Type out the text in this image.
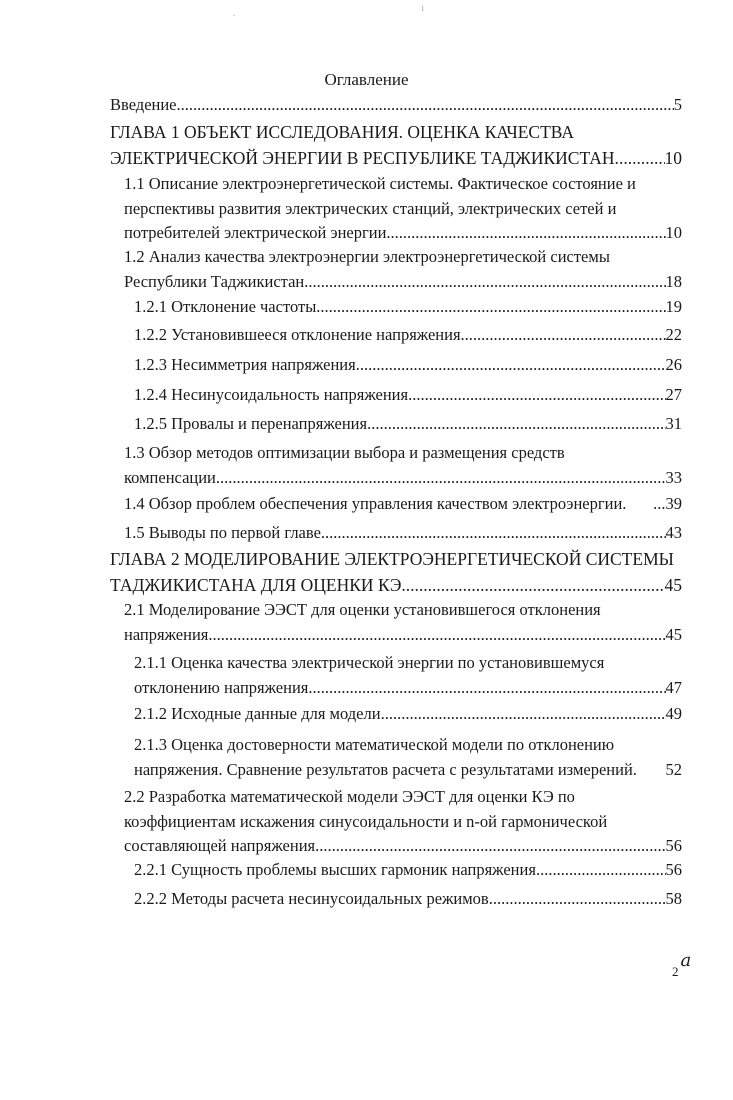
·
ı
Оглавление
Введение .....	5
ГЛАВА 1 ОБЪЕКТ ИССЛЕДОВАНИЯ. ОЦЕНКА КАЧЕСТВА
ЭЛЕКТРИЧЕСКОЙ ЭНЕРГИИ В РЕСПУБЛИКЕ ТАДЖИКИСТАН. .....	10
1.1 Описание электроэнергетической системы. Фактическое состояние и
перспективы развития электрических станций, электрических сетей и
потребителей электрической энергии. .....	10
1.2 Анализ качества электроэнергии электроэнергетической системы
Республики Таджикистан. .....	18
1.2.1 Отклонение частоты .....	19
1.2.2 Установившееся отклонение напряжения. .....	22
1.2.3 Несимметрия напряжения .....	26
1.2.4 Несинусоидальность напряжения .....	27
1.2.5 Провалы и перенапряжения. .....	31
1.3 Обзор методов оптимизации выбора и размещения средств
компенсации. .....	33
1.4 Обзор проблем обеспечения управления качеством электроэнергии. ...39
1.5 Выводы по первой главе .....	43
ГЛАВА 2 МОДЕЛИРОВАНИЕ ЭЛЕКТРОЭНЕРГЕТИЧЕСКОЙ СИСТЕМЫ
ТАДЖИКИСТАНА ДЛЯ ОЦЕНКИ КЭ. .....	45
2.1 Моделирование ЭЭСТ для оценки установившегося отклонения
напряжения .....	45
2.1.1 Оценка качества электрической энергии по установившемуся
отклонению напряжения .....	47
2.1.2 Исходные данные для модели .....	49
2.1.3 Оценка достоверности математической модели по отклонению
напряжения. Сравнение результатов расчета с результатами измерений. 52
2.2 Разработка математической модели ЭЭСТ для оценки КЭ по
коэффициентам искажения синусоидальности и n-ой гармонической
составляющей напряжения .....	56
2.2.1 Сущность проблемы высших гармоник напряжения .....	56
2.2.2 Методы расчета несинусоидальных режимов. .....	58
2a
